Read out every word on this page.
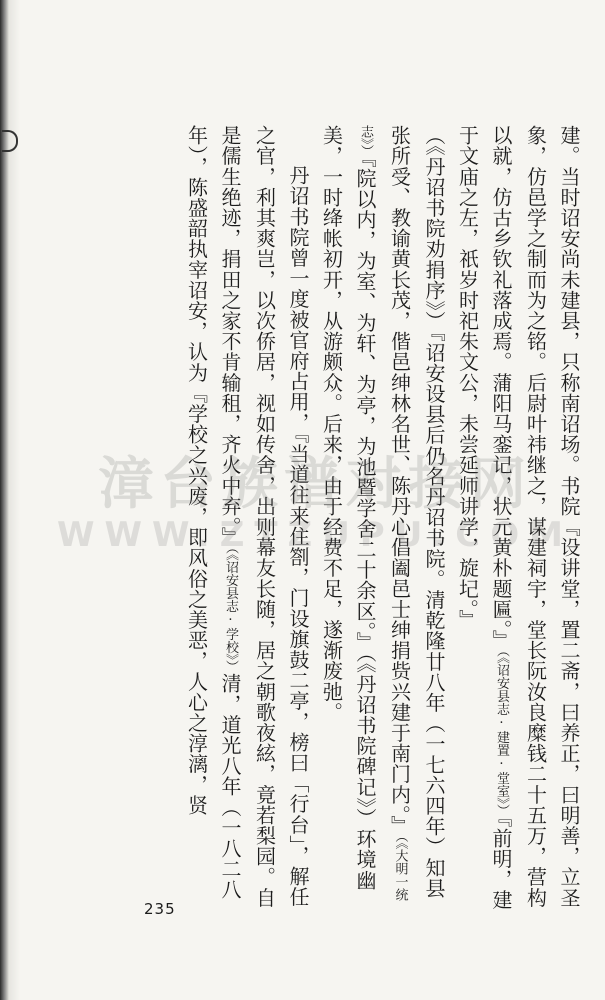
建。当时诏安尚未建县，只称南诏场。书院『设讲堂，置二斋，曰养正，曰明善，立圣象，仿邑学之制而为之铭。后尉叶祎继之，谋建祠宇，堂长阮汝良糜钱二十五万，营构以就，仿古乡钦礼落成焉。蒲阳马銮记，状元黄朴题匾。』（《诏安县志·建置·堂室》）『前明，建于文庙之左，祇岁时祀朱文公，未尝延师讲学，旋圮。』

（《丹诏书院劝捐序》）『诏安设县后仍名丹诏书院。清乾隆廿八年（一七六四年）知县张所受、教谕黄长茂，偕邑绅林名世、陈丹心倡阖邑士绅捐赀兴建于南门内。』（《大明一统志》）『院以内，为室、为轩、为亭，为池暨学舍二十余区。』（《丹诏书院碑记》）环境幽美，一时绛帐初开，从游颇众。后来，由于经费不足，遂渐废弛。

丹诏书院曾一度被官府占用，『当道往来住劄，门设旗鼓二亭，榜曰「行台」，解任之官，利其爽岂，以次侨居，视如传舍，出则幕友长随，居之朝歌夜絃，竟若梨园。自是儒生绝迹，捐田之家不肯输租，齐火中弃。』（《诏安县志·学校》）清，道光八年（一八二八年），陈盛韶执宰诏安，认为『学校之兴废，即风俗之美恶，人心之淳漓，贤

漳台族谱对接网
WWW.ZTZUPU.COM
235
